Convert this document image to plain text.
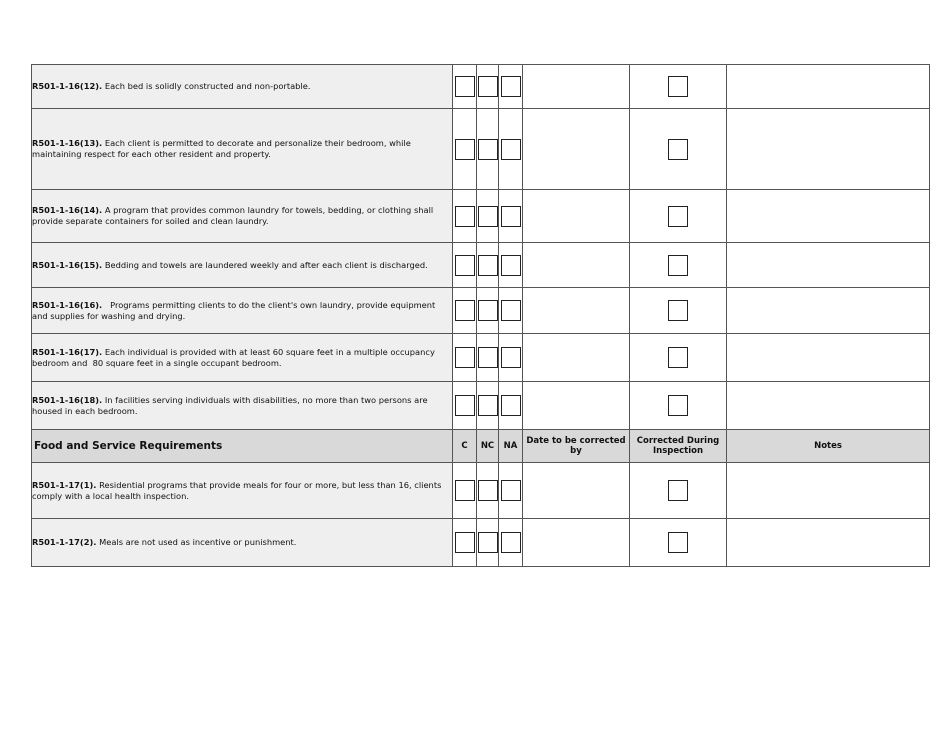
R501-1-16(12). Each bed is solidly constructed and non-portable.	

R501-1-16(13). Each client is permitted to decorate and personalize their bedroom, while maintaining respect for each other resident and property.	

R501-1-16(14). A program that provides common laundry for towels, bedding, or clothing shall provide separate containers for soiled and clean laundry.	

R501-1-16(15). Bedding and towels are laundered weekly and after each client is discharged.	

R501-1-16(16).   Programs permitting clients to do the client's own laundry, provide equipment and supplies for washing and drying.	

R501-1-16(17). Each individual is provided with at least 60 square feet in a multiple occupancy bedroom and  80 square feet in a single occupant bedroom.	

R501-1-16(18). In facilities serving individuals with disabilities, no more than two persons are housed in each bedroom.	

Food and Service Requirements	C	NC	NA	Date to be corrected by	Corrected During Inspection	Notes
R501-1-17(1). Residential programs that provide meals for four or more, but less than 16, clients comply with a local health inspection.	

R501-1-17(2). Meals are not used as incentive or punishment.	
